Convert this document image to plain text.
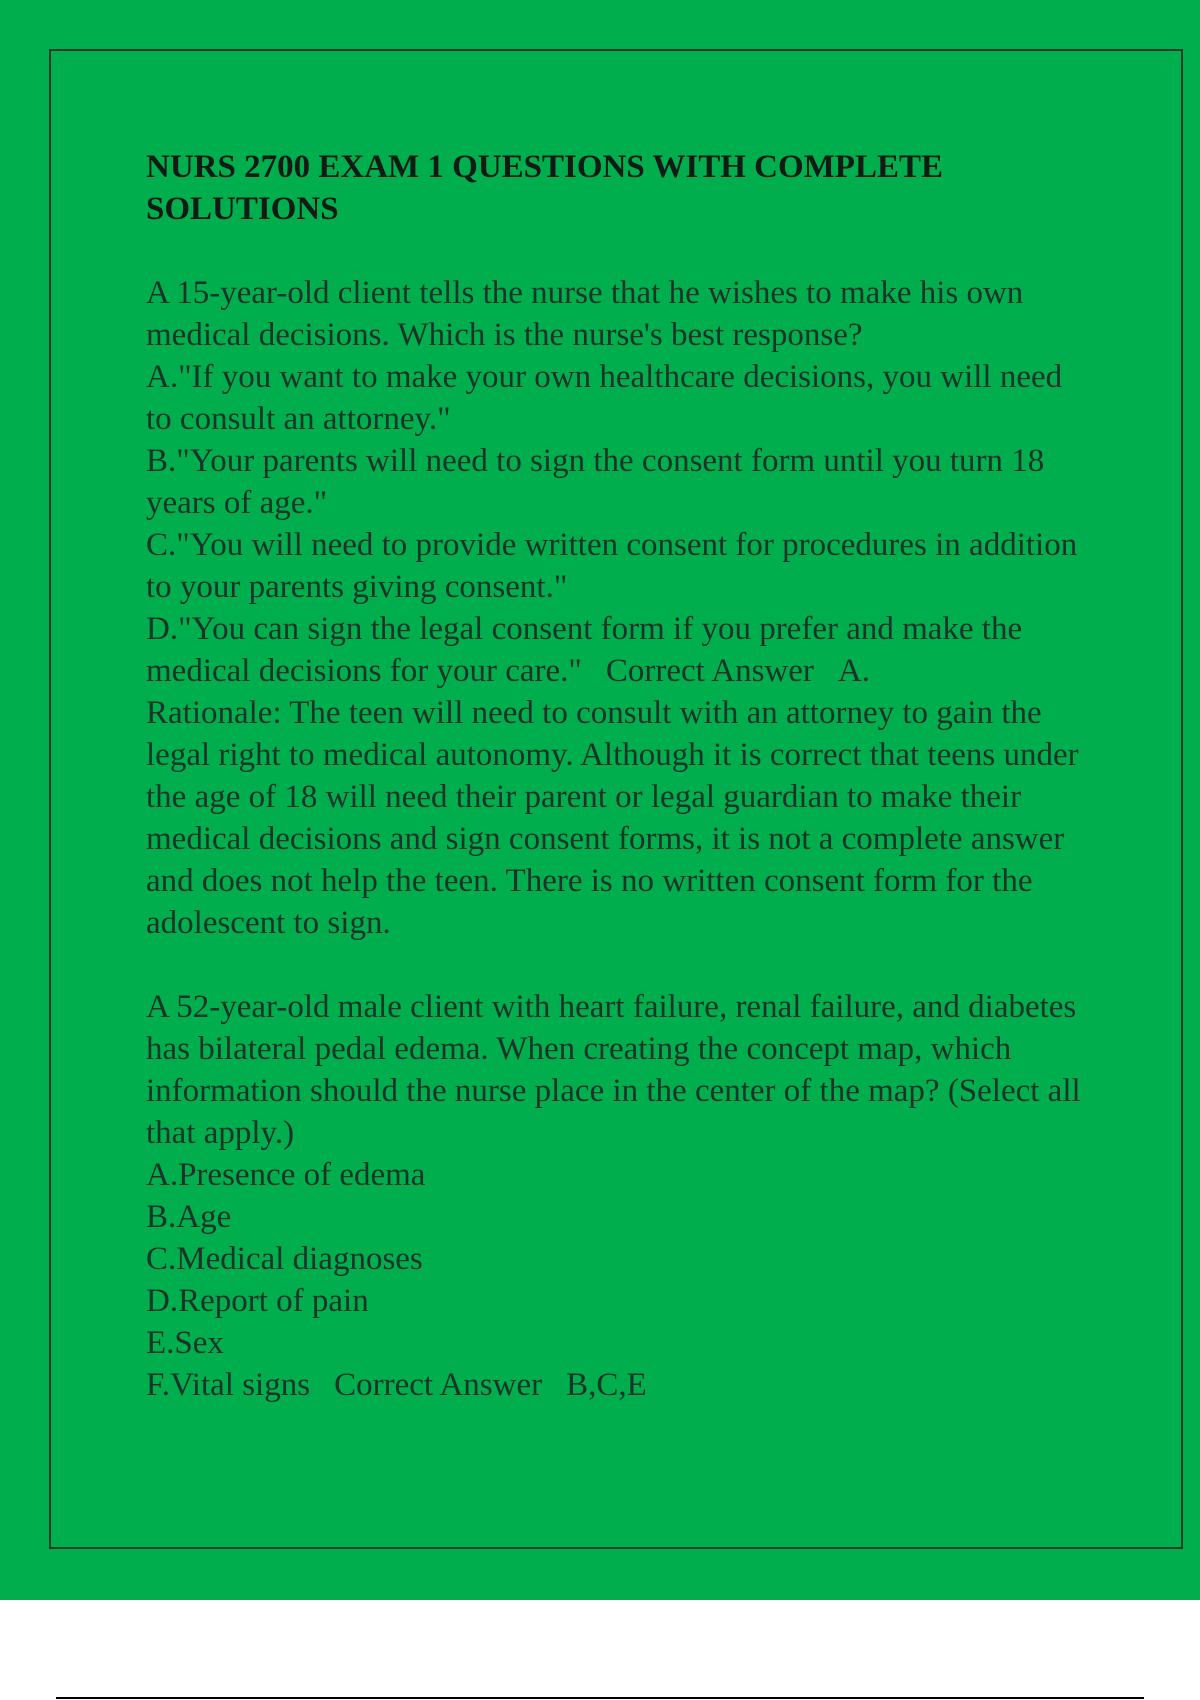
NURS 2700 EXAM 1 QUESTIONS WITH COMPLETE
SOLUTIONS

A 15-year-old client tells the nurse that he wishes to make his own medical decisions. Which is the nurse's best response?

A."If you want to make your own healthcare decisions, you will need to consult an attorney."

B."Your parents will need to sign the consent form until you turn 18 years of age."

C."You will need to provide written consent for procedures in addition to your parents giving consent."

D."You can sign the legal consent form if you prefer and make the medical decisions for your care." Correct Answer A.

Rationale: The teen will need to consult with an attorney to gain the legal right to medical autonomy. Although it is correct that teens under the age of 18 will need their parent or legal guardian to make their medical decisions and sign consent forms, it is not a complete answer and does not help the teen. There is no written consent form for the adolescent to sign.

A 52-year-old male client with heart failure, renal failure, and diabetes has bilateral pedal edema. When creating the concept map, which information should the nurse place in the center of the map? (Select all that apply.)

A.Presence of edema

B.Age

C.Medical diagnoses

D.Report of pain

E.Sex

F.Vital signs Correct Answer B,C,E
